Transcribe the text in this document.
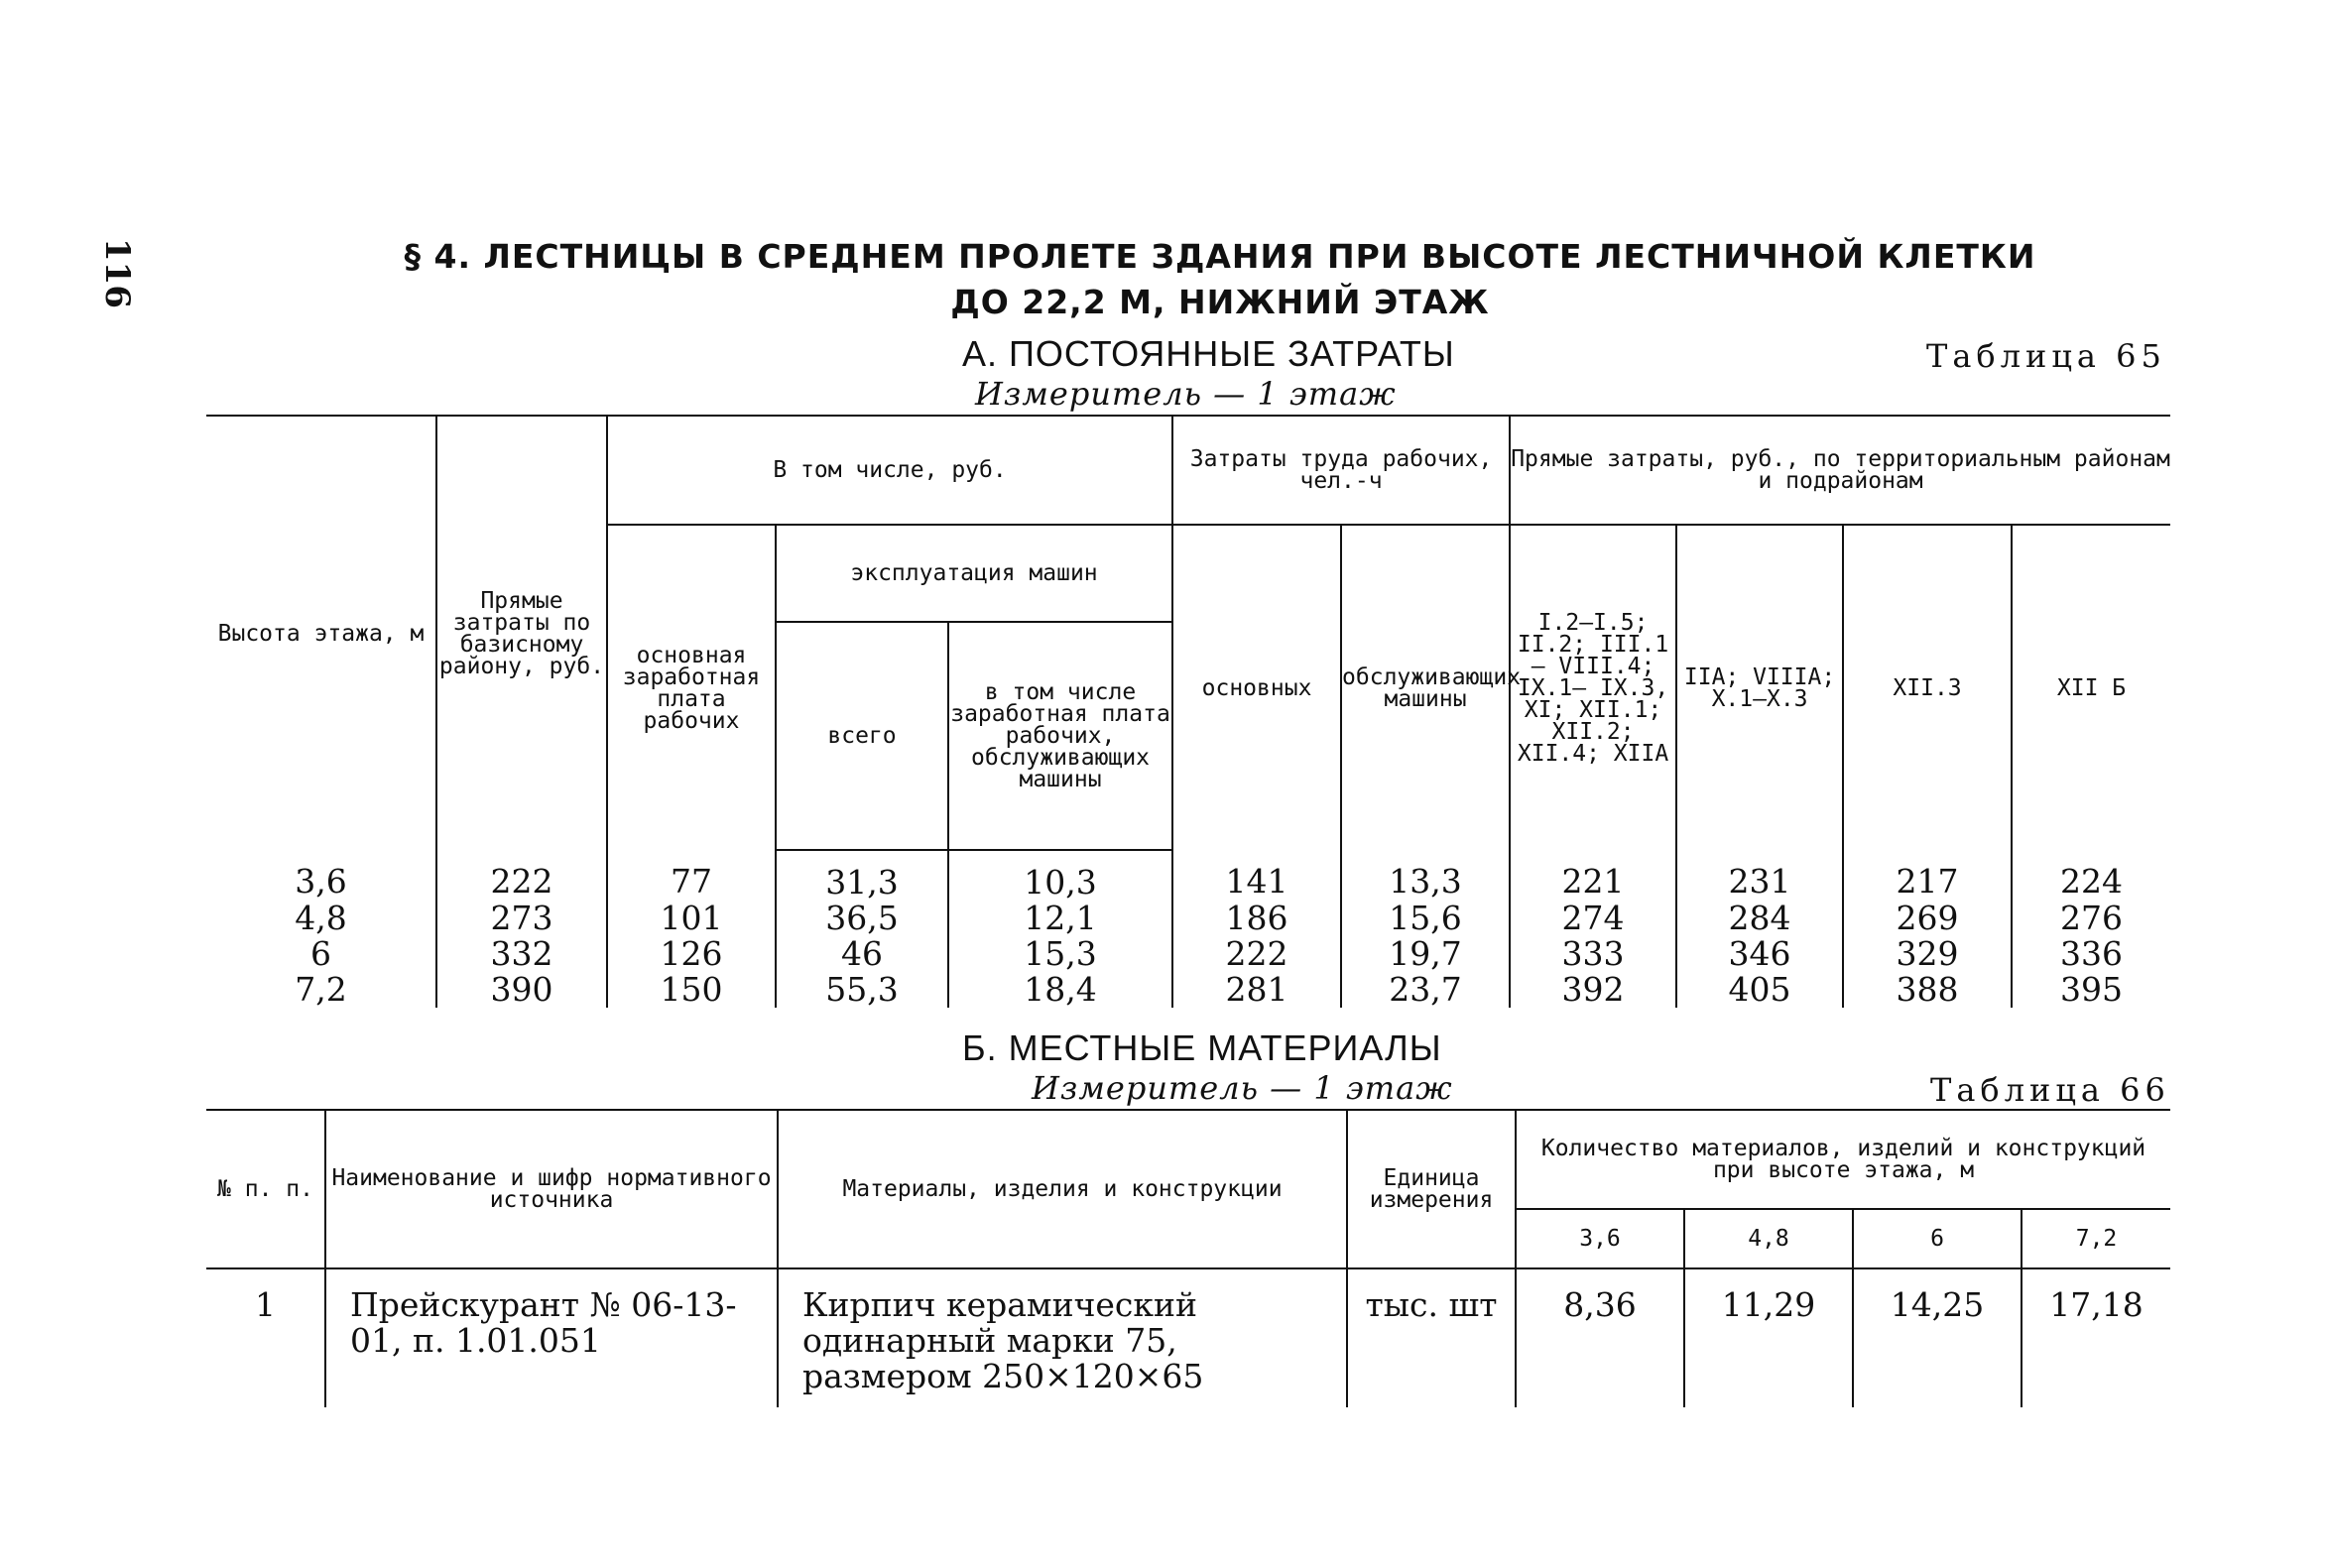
116	§ 4. ЛЕСТНИЦЫ В СРЕДНЕМ ПРОЛЕТЕ ЗДАНИЯ ПРИ ВЫСОТЕ ЛЕСТНИЧНОЙ КЛЕТКИ
ДО 22,2 М, НИЖНИЙ ЭТАЖ
А. ПОСТОЯННЫЕ ЗАТРАТЫ
Измеритель — 1 этаж
Таблица 65
Высота этажа, м	Прямые затраты по базисному району, руб.	В том числе, руб.			Затраты труда рабочих, чел.-ч		Прямые затраты, руб., по территориальным районам и подрайонам			
		основная заработная плата рабочих	эксплуатация машин		основных	обслуживающих машины	I.2—I.5; II.2; III.1— VIII.4; IX.1— IX.3, XI; XII.1; XII.2; XII.4; XIIA	IIA; VIIIA; X.1—X.3	XII.3	XII Б
			всего	в том числе заработная плата рабочих, обслуживающих машины						
3,6	222	77	31,3	10,3	141	13,3	221	231	217	224
4,8	273	101	36,5	12,1	186	15,6	274	284	269	276
6	332	126	46	15,3	222	19,7	333	346	329	336
7,2	390	150	55,3	18,4	281	23,7	392	405	388	395
Б. МЕСТНЫЕ МАТЕРИАЛЫ
Измеритель — 1 этаж	Таблица 66
№ п. п.	Наименование и шифр нормативного источника	Материалы, изделия и конструкции	Единица измерения	Количество материалов, изделий и конструкций при высоте этажа, м			
				3,6	4,8	6	7,2
1	Прейскурант № 06-13-01, п. 1.01.051	Кирпич керамический одинарный марки 75, размером 250×120×65	тыс. шт	8,36	11,29	14,25	17,18
